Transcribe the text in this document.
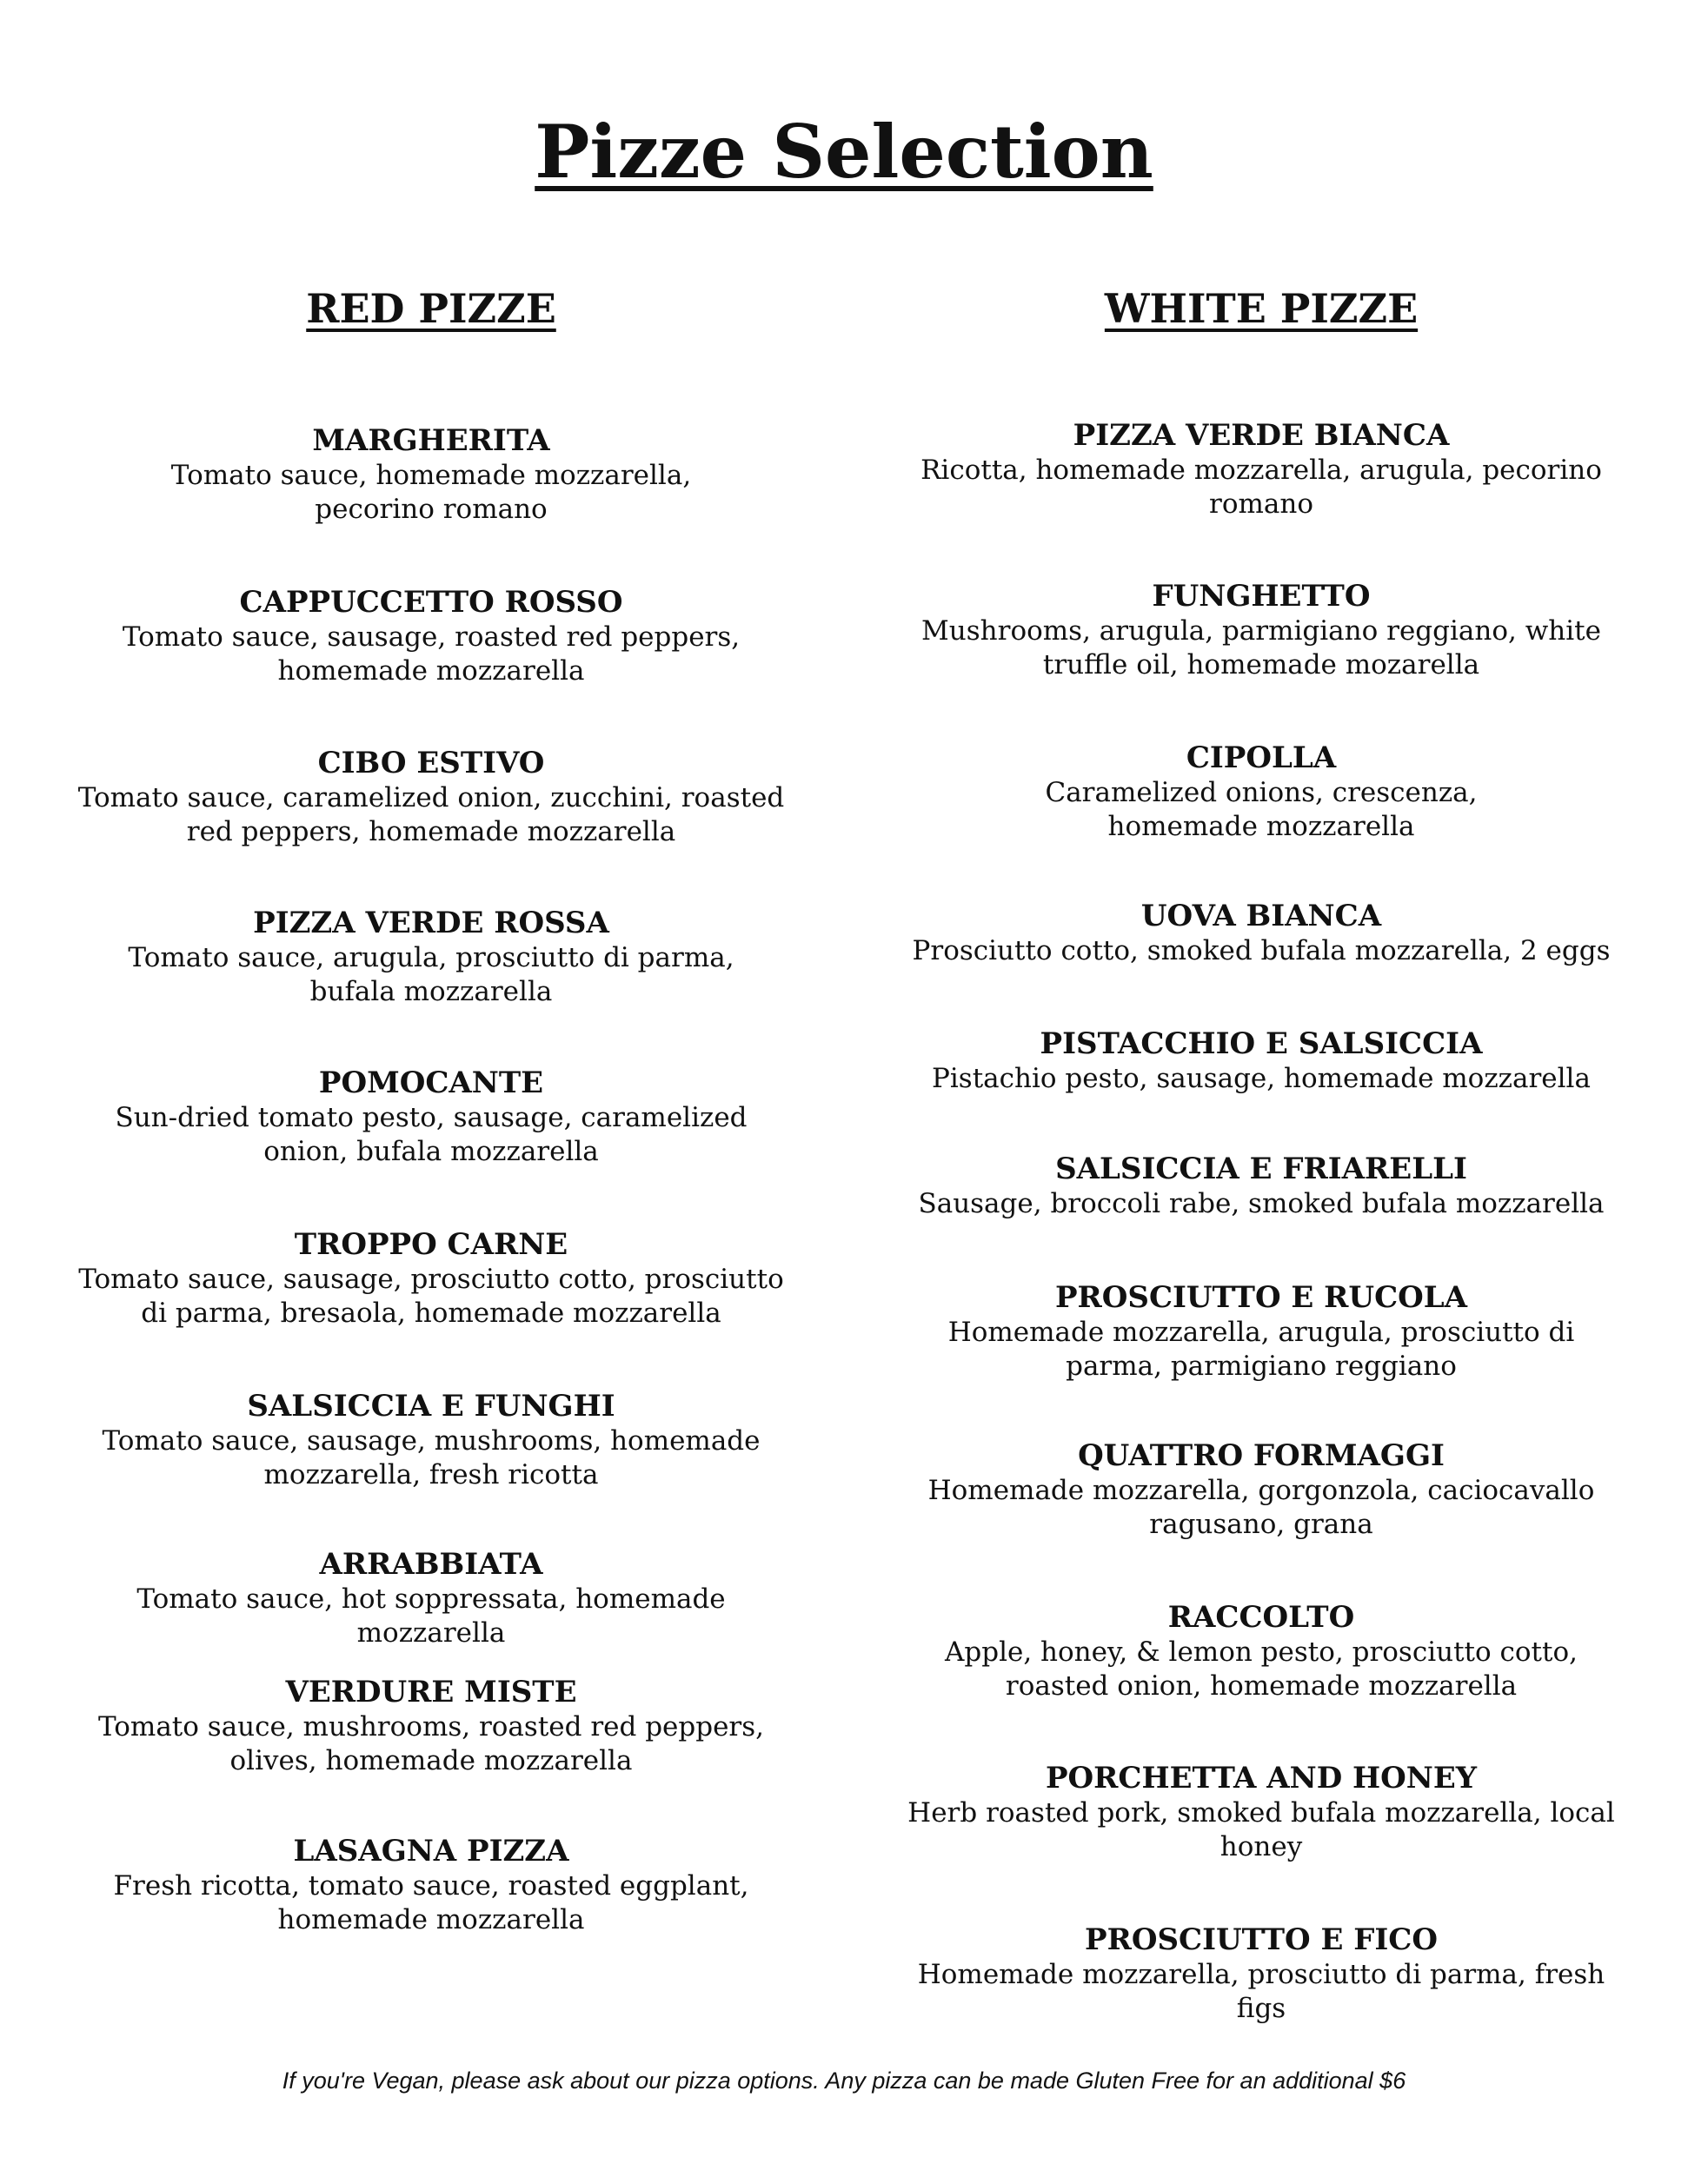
Pizze Selection
RED PIZZE	WHITE PIZZE
MARGHERITA
Tomato sauce, homemade mozzarella,
pecorino romano
CAPPUCCETTO ROSSO
Tomato sauce, sausage, roasted red peppers,
homemade mozzarella
CIBO ESTIVO
Tomato sauce, caramelized onion, zucchini, roasted
red peppers, homemade mozzarella
PIZZA VERDE ROSSA
Tomato sauce, arugula, prosciutto di parma,
bufala mozzarella
POMOCANTE
Sun-dried tomato pesto, sausage, caramelized
onion, bufala mozzarella
TROPPO CARNE
Tomato sauce, sausage, prosciutto cotto, prosciutto
di parma, bresaola, homemade mozzarella
SALSICCIA E FUNGHI
Tomato sauce, sausage, mushrooms, homemade
mozzarella, fresh ricotta
ARRABBIATA
Tomato sauce, hot soppressata, homemade
mozzarella
VERDURE MISTE
Tomato sauce, mushrooms, roasted red peppers,
olives, homemade mozzarella
LASAGNA PIZZA
Fresh ricotta, tomato sauce, roasted eggplant,
homemade mozzarella
PIZZA VERDE BIANCA
Ricotta, homemade mozzarella, arugula, pecorino
romano
FUNGHETTO
Mushrooms, arugula, parmigiano reggiano, white
truffle oil, homemade mozarella
CIPOLLA
Caramelized onions, crescenza,
homemade mozzarella
UOVA BIANCA
Prosciutto cotto, smoked bufala mozzarella, 2 eggs
PISTACCHIO E SALSICCIA
Pistachio pesto, sausage, homemade mozzarella
SALSICCIA E FRIARELLI
Sausage, broccoli rabe, smoked bufala mozzarella
PROSCIUTTO E RUCOLA
Homemade mozzarella, arugula, prosciutto di
parma, parmigiano reggiano
QUATTRO FORMAGGI
Homemade mozzarella, gorgonzola, caciocavallo
ragusano, grana
RACCOLTO
Apple, honey, & lemon pesto, prosciutto cotto,
roasted onion, homemade mozzarella
PORCHETTA AND HONEY
Herb roasted pork, smoked bufala mozzarella, local
honey
PROSCIUTTO E FICO
Homemade mozzarella, prosciutto di parma, fresh
figs
If you're Vegan, please ask about our pizza options. Any pizza can be made Gluten Free for an additional $6
